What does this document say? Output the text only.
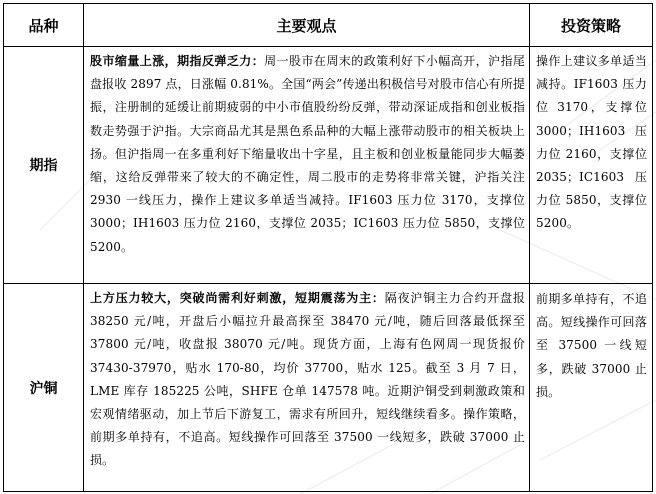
品种	主要观点	投资策略
期指	股市缩量上涨，期指反弹乏力：周一股市在周末的政策利好下小幅高开，沪指尾盘报收 2897 点，日涨幅 0.81%。全国“两会”传递出积极信号对股市信心有所提振，注册制的延缓让前期疲弱的中小市值股纷纷反弹，带动深证成指和创业板指数走势强于沪指。大宗商品尤其是黑色系品种的大幅上涨带动股市的相关板块上扬。但沪指周一在多重利好下缩量收出十字星，且主板和创业板量能同步大幅萎缩，这给反弹带来了较大的不确定性，周二股市的走势将非常关键，沪指关注 2930 一线压力，操作上建议多单适当减持。IF1603 压力位 3170，支撑位 3000；IH1603 压力位 2160，支撑位 2035；IC1603 压力位 5850，支撑位 5200。	操作上建议多单适当减持。IF1603 压力位 3170，支撑位 3000；IH1603 压力位 2160，支撑位 2035；IC1603 压力位 5850，支撑位 5200。
沪铜	上方压力较大，突破尚需利好刺激，短期震荡为主：隔夜沪铜主力合约开盘报 38250 元/吨，开盘后小幅拉升最高探至 38470 元/吨，随后回落最低探至 37800 元/吨，收盘报 38070 元/吨。现货方面，上海有色网周一现货报价 37430-37970，贴水 170-80，均价 37700，贴水 125。截至 3 月 7 日，LME 库存 185225 公吨，SHFE 仓单 147578 吨。近期沪铜受到刺激政策和宏观情绪驱动，加上节后下游复工，需求有所回升，短线继续看多。操作策略，前期多单持有，不追高。短线操作可回落至 37500 一线短多，跌破 37000 止损。	前期多单持有，不追高。短线操作可回落至 37500 一线短多，跌破 37000 止损。
